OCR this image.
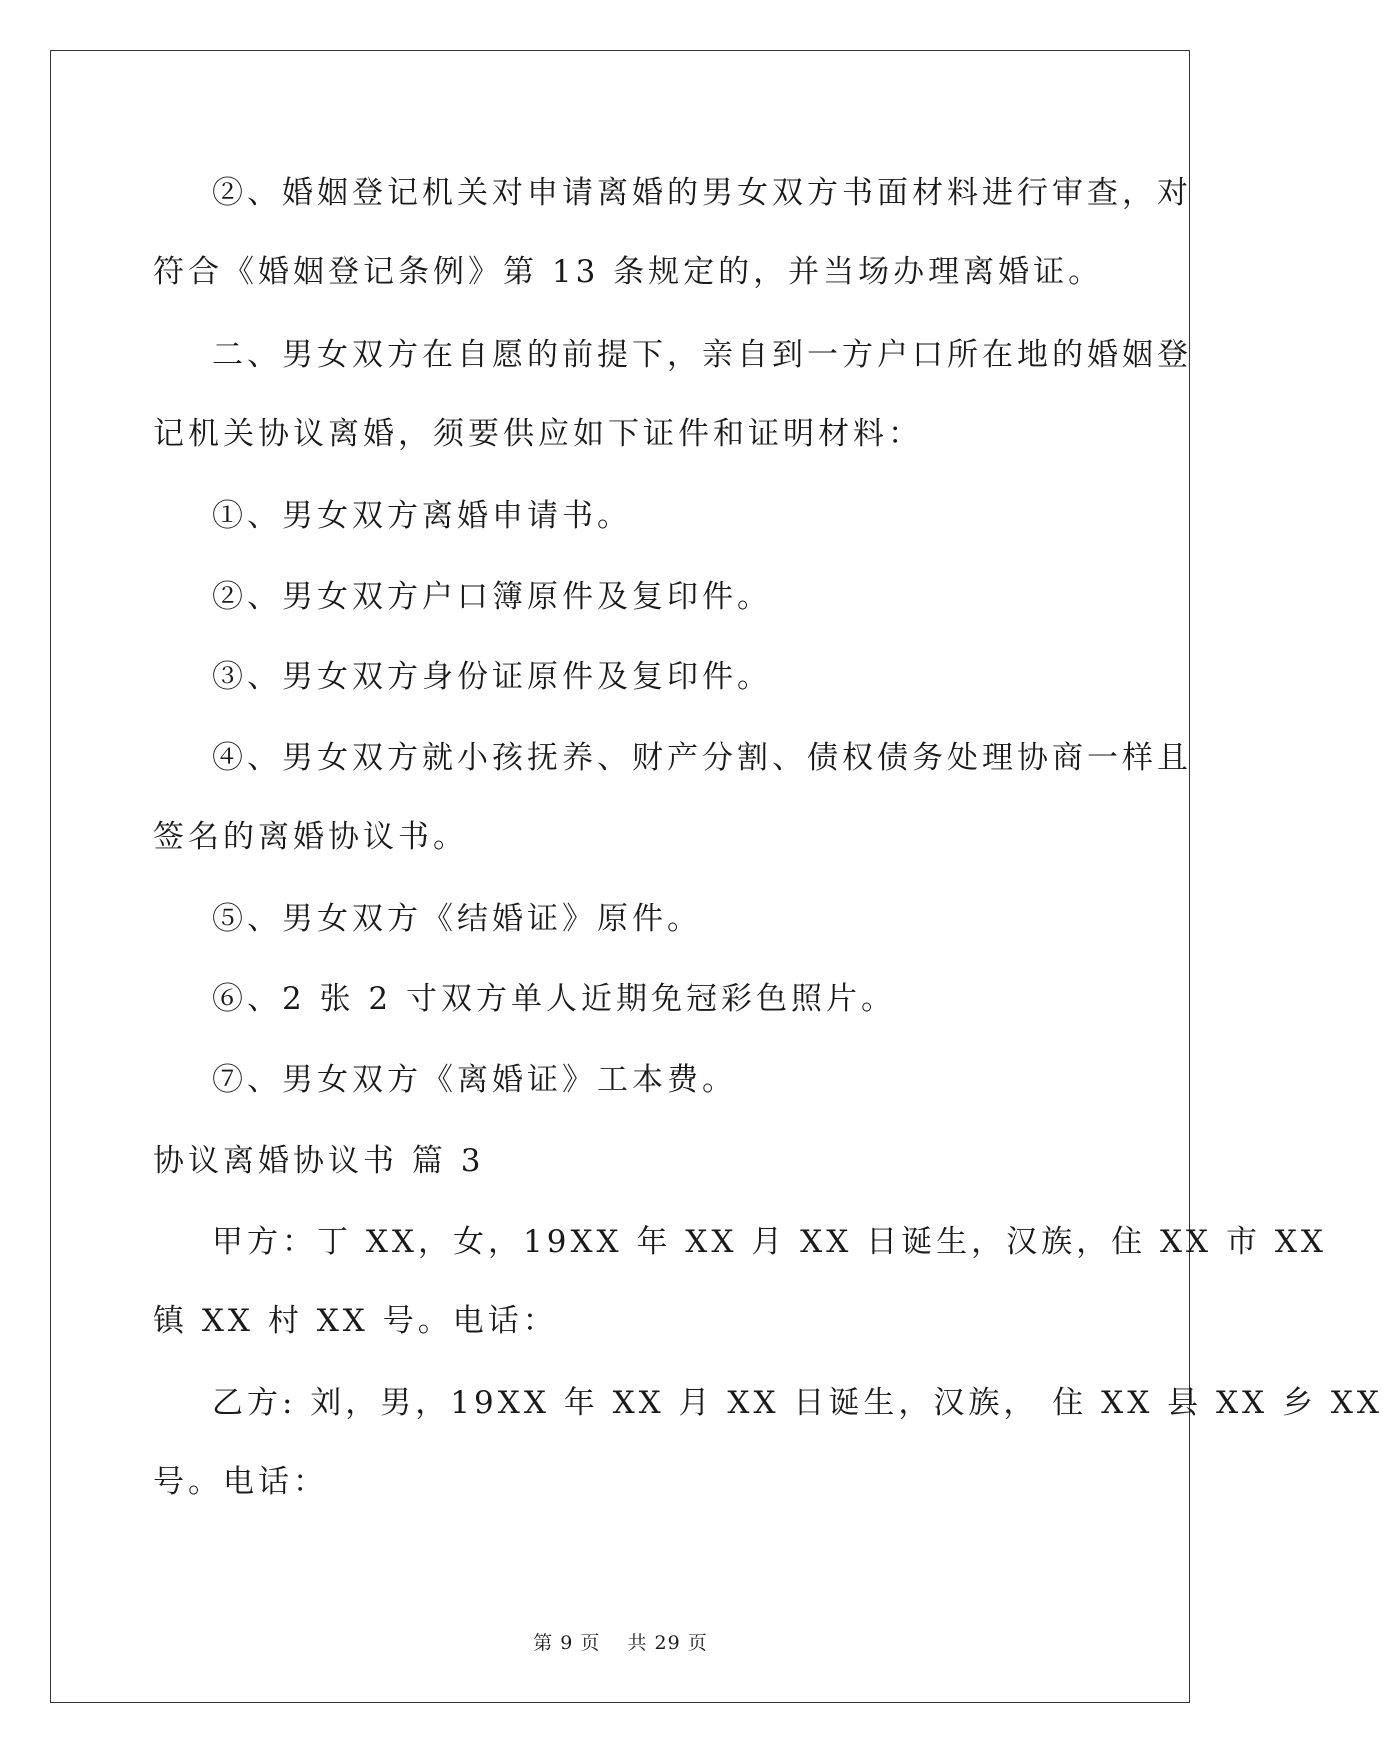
②、婚姻登记机关对申请离婚的男女双方书面材料进行审查，对
符合《婚姻登记条例》第 13 条规定的，并当场办理离婚证。
二、男女双方在自愿的前提下，亲自到一方户口所在地的婚姻登
记机关协议离婚，须要供应如下证件和证明材料：
①、男女双方离婚申请书。
②、男女双方户口簿原件及复印件。
③、男女双方身份证原件及复印件。
④、男女双方就小孩抚养、财产分割、债权债务处理协商一样且
签名的离婚协议书。
⑤、男女双方《结婚证》原件。
⑥、2 张 2 寸双方单人近期免冠彩色照片。
⑦、男女双方《离婚证》工本费。
协议离婚协议书 篇 3
甲方：丁 XX，女，19XX 年 XX 月 XX 日诞生，汉族，住 XX 市 XX
镇 XX 村 XX 号。电话：
乙方: 刘，男，19XX 年 XX 月 XX 日诞生，汉族， 住 XX 县 XX 乡 XX
号。电话：
第 9 页 共 29 页
